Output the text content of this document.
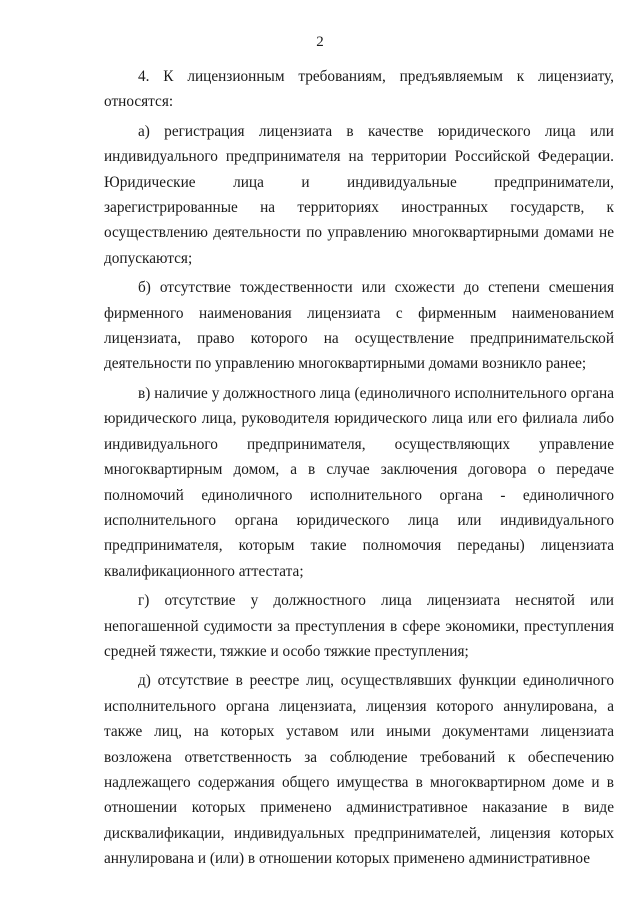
2

4. К лицензионным требованиям, предъявляемым к лицензиату, относятся:

а) регистрация лицензиата в качестве юридического лица или индивидуального предпринимателя на территории Российской Федерации. Юридические лица и индивидуальные предприниматели, зарегистрированные на территориях иностранных государств, к осуществлению деятельности по управлению многоквартирными домами не допускаются;

б) отсутствие тождественности или схожести до степени смешения фирменного наименования лицензиата с фирменным наименованием лицензиата, право которого на осуществление предпринимательской деятельности по управлению многоквартирными домами возникло ранее;

в) наличие у должностного лица (единоличного исполнительного органа юридического лица, руководителя юридического лица или его филиала либо индивидуального предпринимателя, осуществляющих управление многоквартирным домом, а в случае заключения договора о передаче полномочий единоличного исполнительного органа - единоличного исполнительного органа юридического лица или индивидуального предпринимателя, которым такие полномочия переданы) лицензиата квалификационного аттестата;

г) отсутствие у должностного лица лицензиата неснятой или непогашенной судимости за преступления в сфере экономики, преступления средней тяжести, тяжкие и особо тяжкие преступления;

д) отсутствие в реестре лиц, осуществлявших функции единоличного исполнительного органа лицензиата, лицензия которого аннулирована, а также лиц, на которых уставом или иными документами лицензиата возложена ответственность за соблюдение требований к обеспечению надлежащего содержания общего имущества в многоквартирном доме и в отношении которых применено административное наказание в виде дисквалификации, индивидуальных предпринимателей, лицензия которых аннулирована и (или) в отношении которых применено административное
